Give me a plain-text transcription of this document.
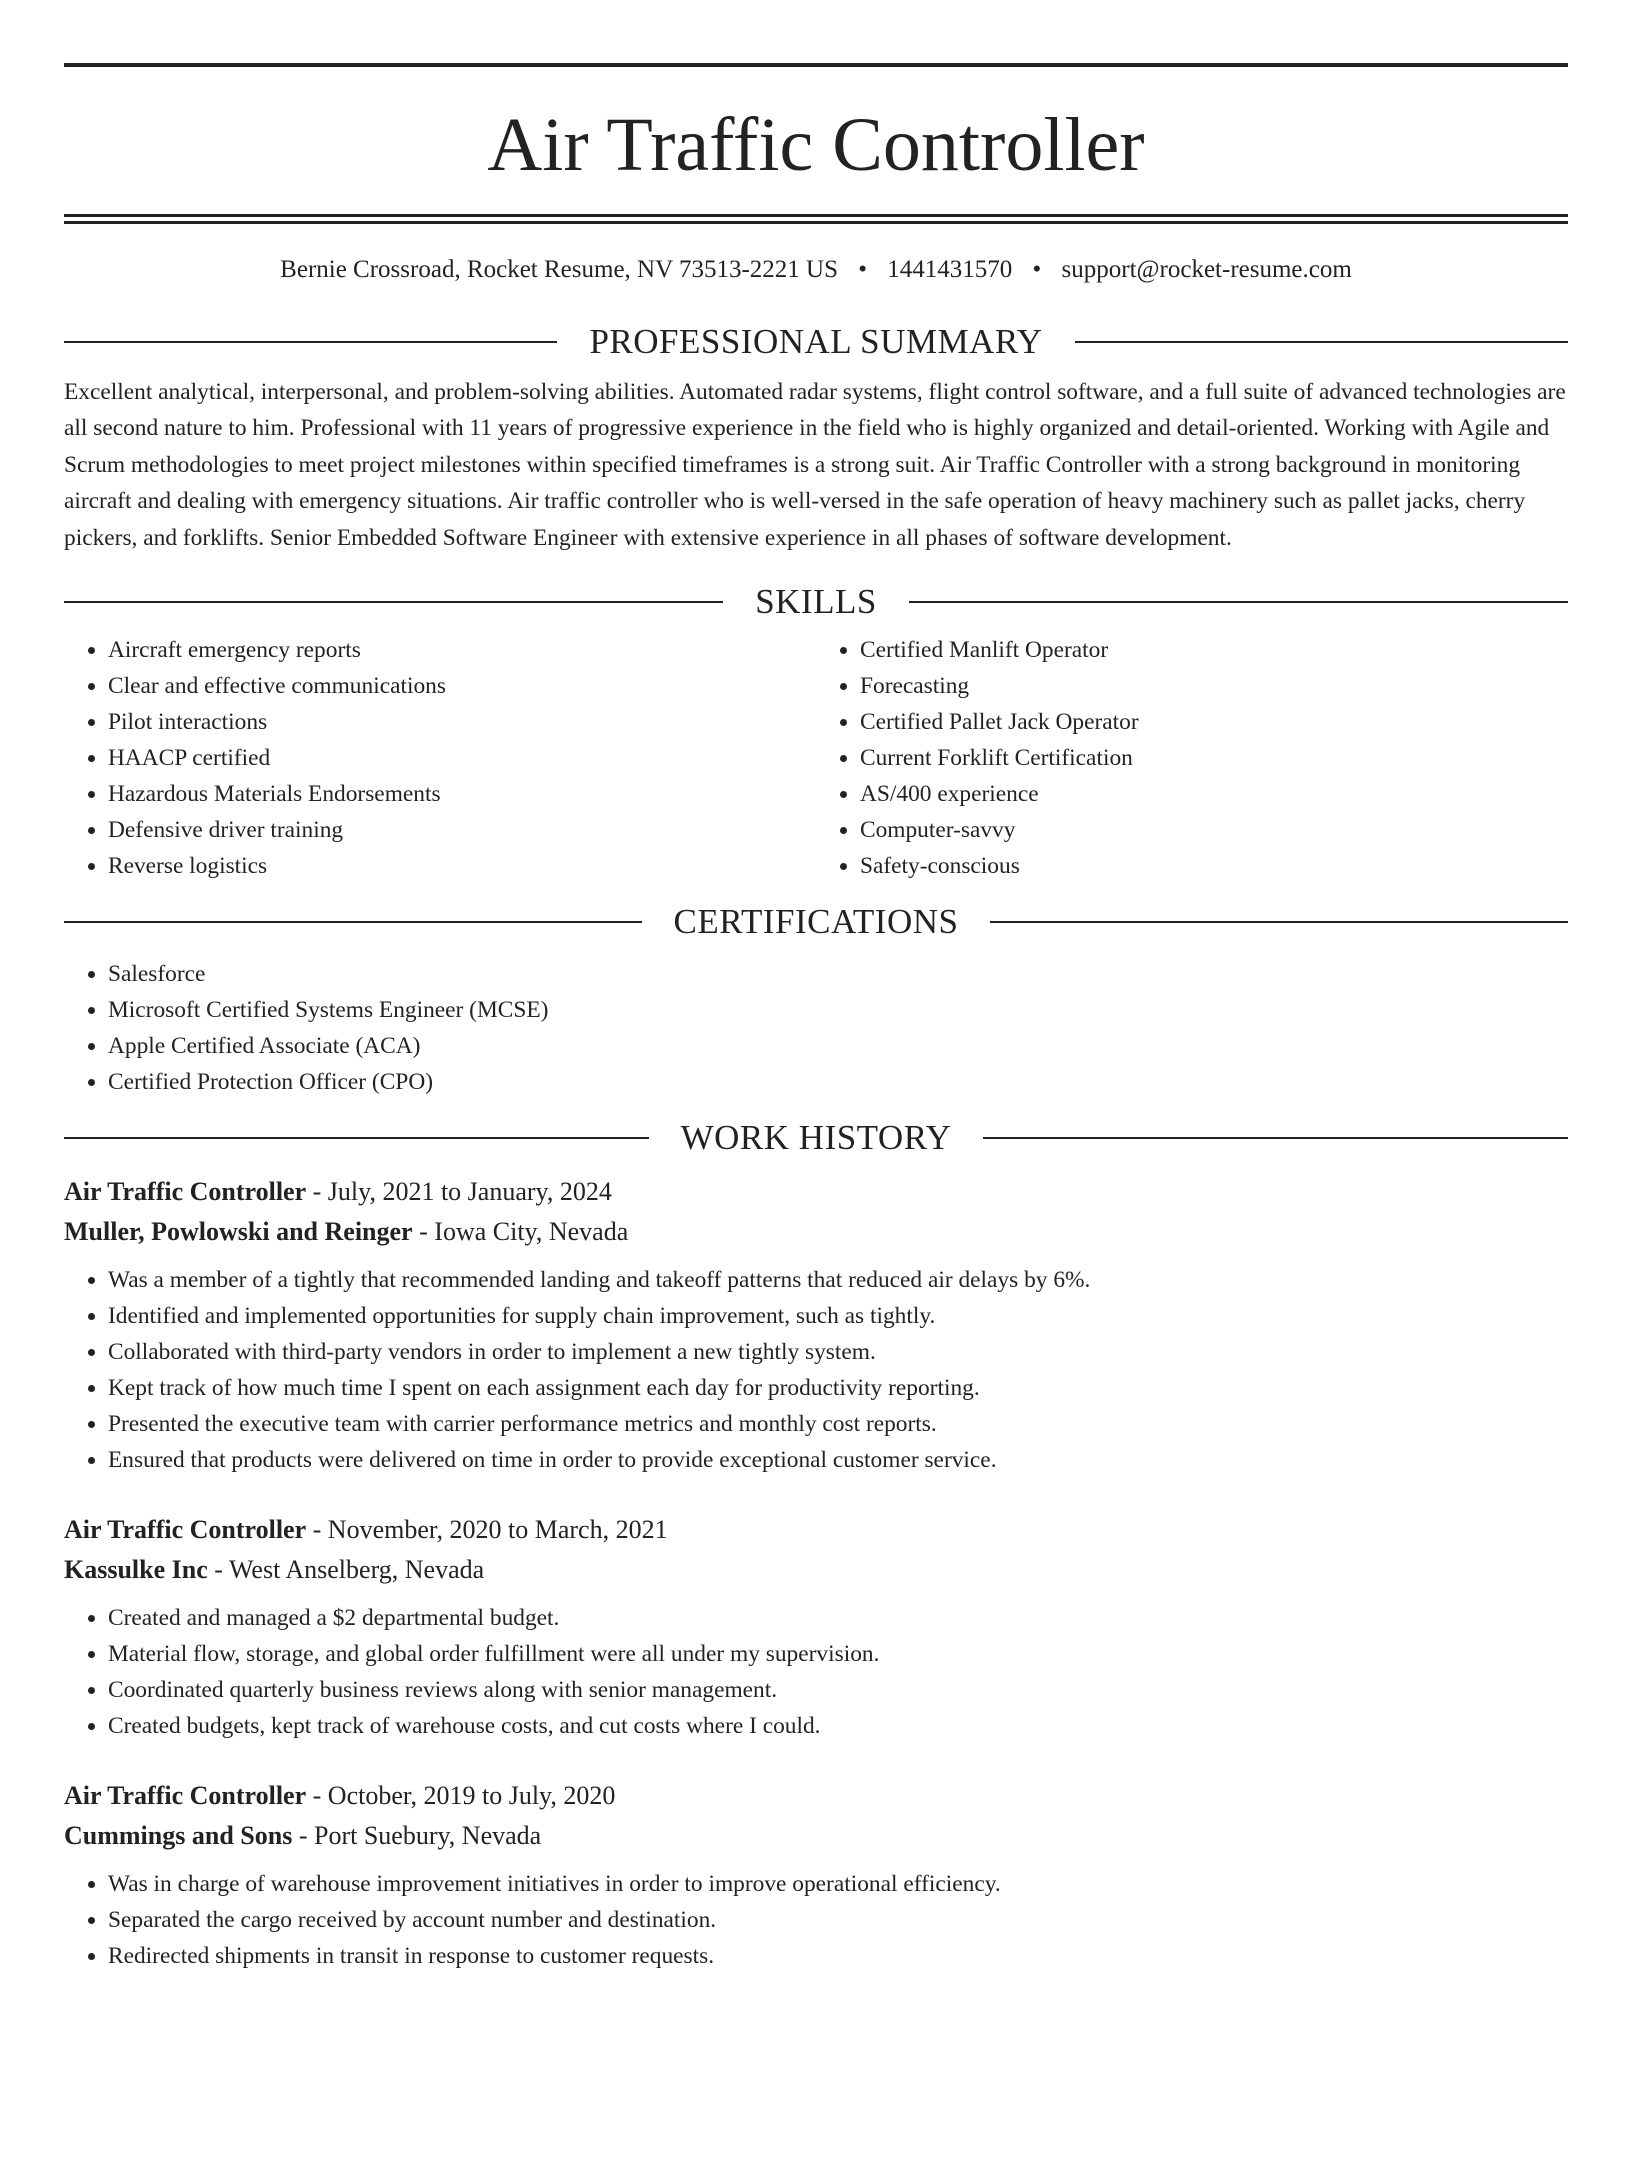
Air Traffic Controller
Bernie Crossroad, Rocket Resume, NV 73513-2221 US • 1441431570 • support@rocket-resume.com
PROFESSIONAL SUMMARY

Excellent analytical, interpersonal, and problem-solving abilities. Automated radar systems, flight control software, and a full suite of advanced technologies are all second nature to him. Professional with 11 years of progressive experience in the field who is highly organized and detail-oriented. Working with Agile and Scrum methodologies to meet project milestones within specified timeframes is a strong suit. Air Traffic Controller with a strong background in monitoring aircraft and dealing with emergency situations. Air traffic controller who is well-versed in the safe operation of heavy machinery such as pallet jacks, cherry pickers, and forklifts. Senior Embedded Software Engineer with extensive experience in all phases of software development.

SKILLS
• Aircraft emergency reports
• Clear and effective communications
• Pilot interactions
• HAACP certified
• Hazardous Materials Endorsements
• Defensive driver training
• Reverse logistics
• Certified Manlift Operator
• Forecasting
• Certified Pallet Jack Operator
• Current Forklift Certification
• AS/400 experience
• Computer-savvy
• Safety-conscious
CERTIFICATIONS
• Salesforce
• Microsoft Certified Systems Engineer (MCSE)
• Apple Certified Associate (ACA)
• Certified Protection Officer (CPO)
WORK HISTORY
Air Traffic Controller - July, 2021 to January, 2024
Muller, Powlowski and Reinger - Iowa City, Nevada
• Was a member of a tightly that recommended landing and takeoff patterns that reduced air delays by 6%.
• Identified and implemented opportunities for supply chain improvement, such as tightly.
• Collaborated with third-party vendors in order to implement a new tightly system.
• Kept track of how much time I spent on each assignment each day for productivity reporting.
• Presented the executive team with carrier performance metrics and monthly cost reports.
• Ensured that products were delivered on time in order to provide exceptional customer service.
Air Traffic Controller - November, 2020 to March, 2021
Kassulke Inc - West Anselberg, Nevada
• Created and managed a $2 departmental budget.
• Material flow, storage, and global order fulfillment were all under my supervision.
• Coordinated quarterly business reviews along with senior management.
• Created budgets, kept track of warehouse costs, and cut costs where I could.
Air Traffic Controller - October, 2019 to July, 2020
Cummings and Sons - Port Suebury, Nevada
• Was in charge of warehouse improvement initiatives in order to improve operational efficiency.
• Separated the cargo received by account number and destination.
• Redirected shipments in transit in response to customer requests.
